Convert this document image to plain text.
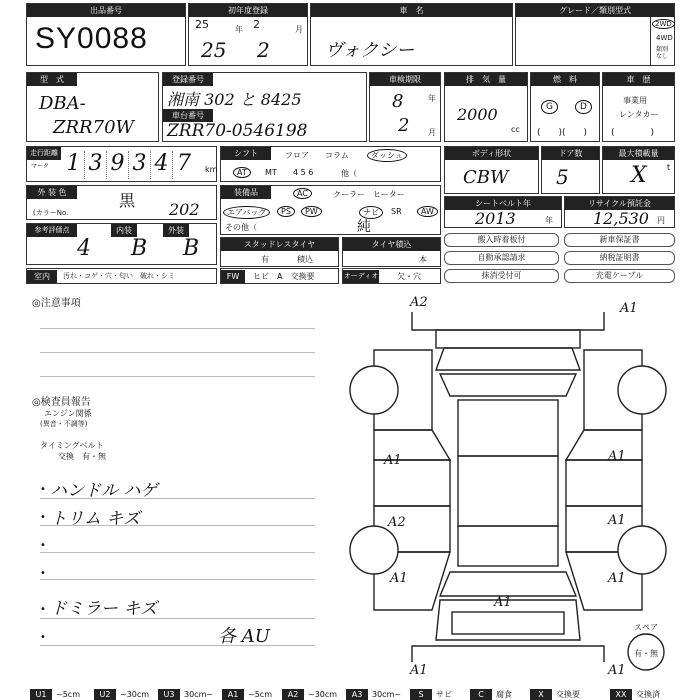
出品番号
SY0088
初年度登録
25	年 2	月
25 2
車　名
ヴォクシー
グレード／類別型式
2WD
4WD
類別
なし
型　式
DBA-
ZRR70W
登録番号
湘南 302 と 8425
車台番号
ZRR70-0546198
車検期限
8	年
2 月
排　気　量
2000
cc
燃　料
G	D
(　　)(　　)
車　歴
事業用
レンタカー
(　　　　)
走行距離
マーク 1 3 9 3 4 7	km
シフト	フロア コラム	ダッシュ
AT	MT 4 5 6	他（
ボディ形状
CBW
ドア数
5
最大積載量
X	t
外 装 色
(カラーNo.
黒 202
装備品	AC	クーラー ヒーター
エアバッグ	PS	PW	ナビ	SR	AW
その他（	純
シートベルト年
2013	年
リサイクル預託金
12,530 円
参考評価点	内装	外装
4 B B	スタッドレスタイヤ
有	積込
タイヤ積込
本
搬入時着板付	新車保証書
自動承認請求	納税証明書
抹消受付可	充電ケーブル
室内	汚れ・コゲ・穴・匂い　破れ・シミ	FW	ヒビ　A　交換要	オーディオ 欠・穴
◎注意事項
◎検査員報告
エンジン関係
(異音・不調等)
タイミングベルト
交換　有・無
• ハンドル ハゲ
• トリム キズ
•
•
• ドミラー キズ
•	各 AU
A2	A1
A1	A1
A2	A1
A1
A1
A1	A1
A1
スペア
有・無
U1	~5cm	U2	~30cm	U3	30cm~	A1	~5cm	A2	~30cm	A3	30cm~	S	サビ	C	腐食	X	交換要	XX	交換済
